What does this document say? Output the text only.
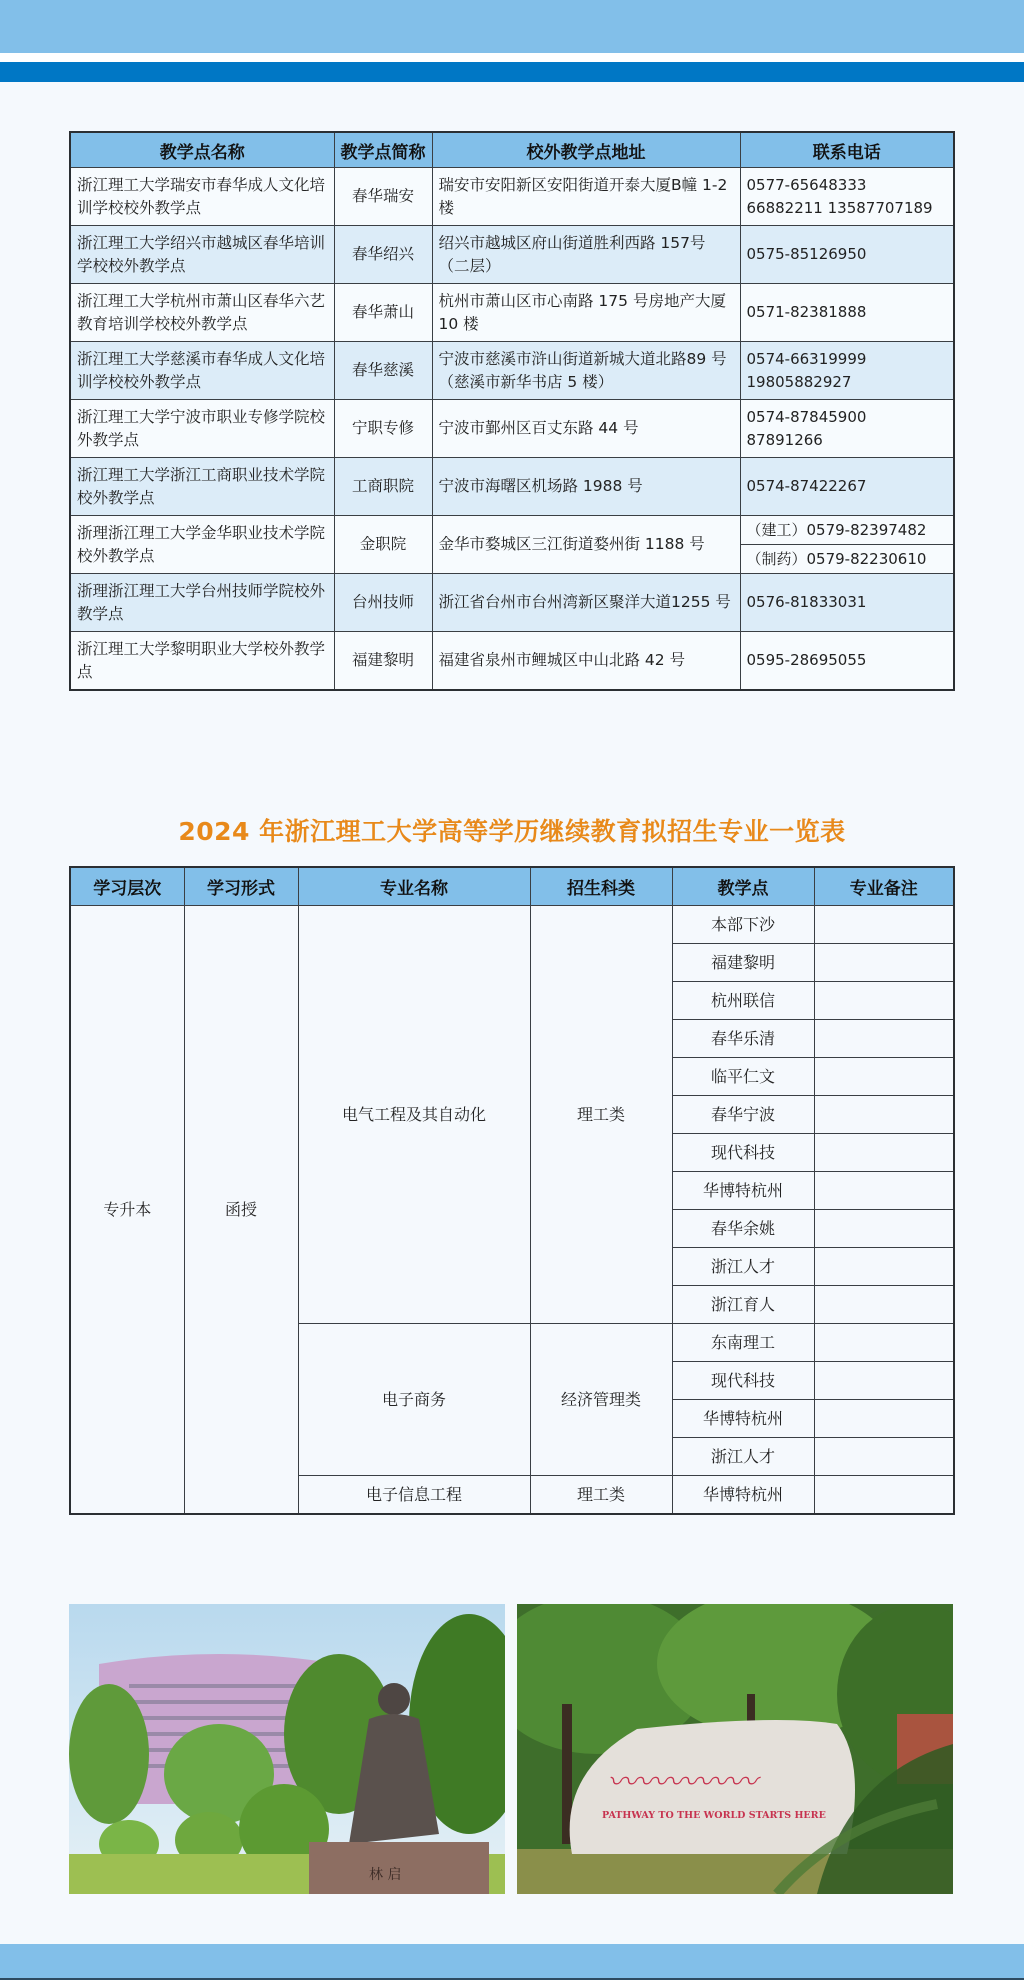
教学点名称	教学点简称	校外教学点地址	联系电话
浙江理工大学瑞安市春华成人文化培训学校校外教学点	春华瑞安	瑞安市安阳新区安阳街道开泰大厦B幢 1-2 楼	0577-65648333
66882211 13587707189

浙江理工大学绍兴市越城区春华培训学校校外教学点	春华绍兴	绍兴市越城区府山街道胜利西路 157号（二层）	0575-85126950

浙江理工大学杭州市萧山区春华六艺教育培训学校校外教学点	春华萧山	杭州市萧山区市心南路 175 号房地产大厦 10 楼	0571-82381888

浙江理工大学慈溪市春华成人文化培训学校校外教学点	春华慈溪	宁波市慈溪市浒山街道新城大道北路89 号（慈溪市新华书店 5 楼）	0574-66319999
19805882927

浙江理工大学宁波市职业专修学院校外教学点	宁职专修	宁波市鄞州区百丈东路 44 号	0574-87845900
87891266

浙江理工大学浙江工商职业技术学院校外教学点	工商职院	宁波市海曙区机场路 1988 号	0574-87422267

浙理浙江理工大学金华职业技术学院校外教学点	金职院	金华市婺城区三江街道婺州街 1188 号	（建工）0579-82397482
			（制药）0579-82230610
浙理浙江理工大学台州技师学院校外教学点	台州技师	浙江省台州市台州湾新区聚洋大道1255 号	0576-81833031

浙江理工大学黎明职业大学校外教学点	福建黎明	福建省泉州市鲤城区中山北路 42 号	0595-28695055
2024 年浙江理工大学高等学历继续教育拟招生专业一览表
学习层次	学习形式	专业名称	招生科类	教学点	专业备注
专升本	函授	电气工程及其自动化	理工类	本部下沙	
				福建黎明	
				杭州联信	
				春华乐清	
				临平仁文	
				春华宁波	
				现代科技	
				华博特杭州	
				春华余姚	
				浙江人才	
				浙江育人	
		电子商务	经济管理类	东南理工	
				现代科技	
				华博特杭州	
				浙江人才	
		电子信息工程	理工类	华博特杭州	
林 启
〰〰〰〰〰
PATHWAY TO THE WORLD STARTS HERE
